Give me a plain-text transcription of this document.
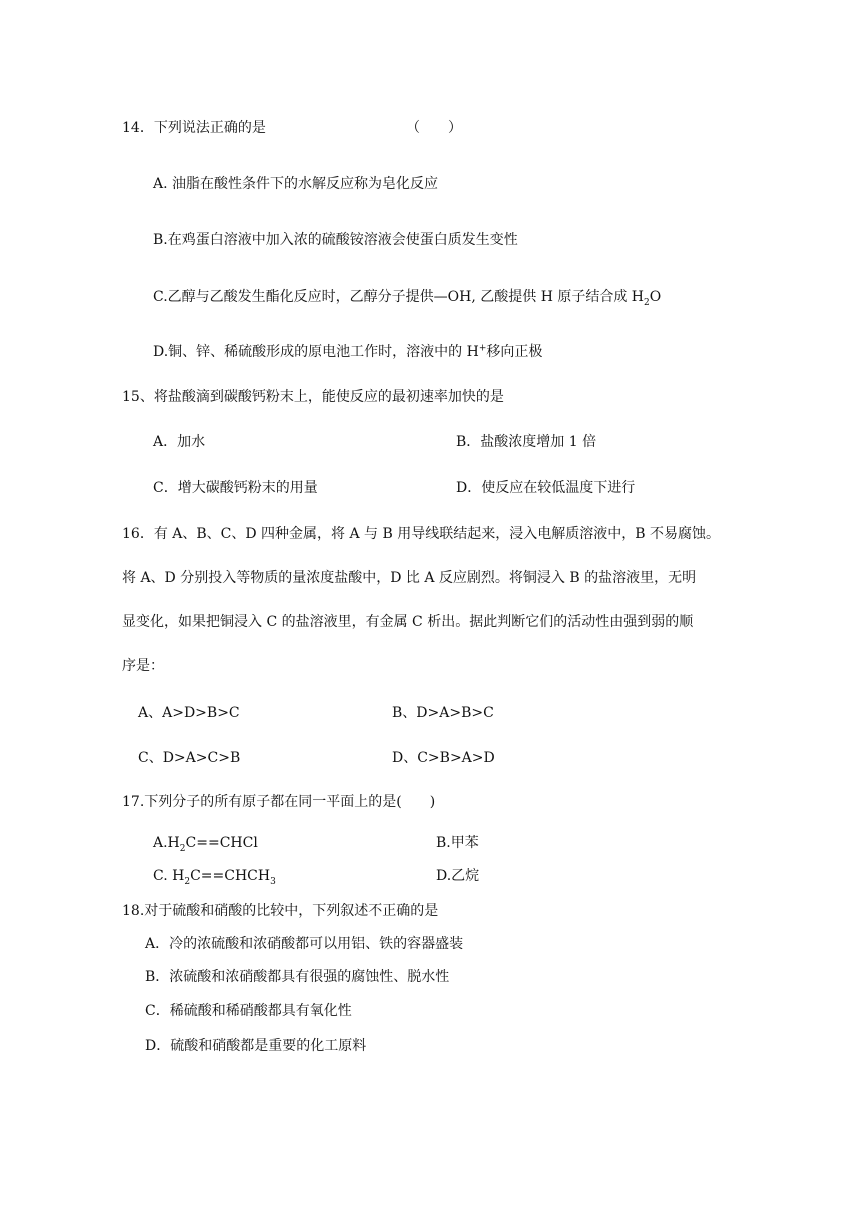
14．下列说法正确的是	（　　）
A. 油脂在酸性条件下的水解反应称为皂化反应
B.在鸡蛋白溶液中加入浓的硫酸铵溶液会使蛋白质发生变性
C.乙醇与乙酸发生酯化反应时，乙醇分子提供—OH, 乙酸提供 H 原子结合成 $H_2O$
D.铜、锌、稀硫酸形成的原电池工作时，溶液中的 H+移向正极
15、将盐酸滴到碳酸钙粉末上，能使反应的最初速率加快的是
A．加水	B．盐酸浓度增加 1 倍
C．增大碳酸钙粉末的用量	D．使反应在较低温度下进行
16．有 A、B、C、D 四种金属，将 A 与 B 用导线联结起来，浸入电解质溶液中，B 不易腐蚀。
将 A、D 分别投入等物质的量浓度盐酸中，D 比 A 反应剧烈。将铜浸入 B 的盐溶液里，无明
显变化，如果把铜浸入 C 的盐溶液里，有金属 C 析出。据此判断它们的活动性由强到弱的顺
序是：
A、A>D>B>C	B、D>A>B>C
C、D>A>C>B	D、C>B>A>D
17.下列分子的所有原子都在同一平面上的是(　　)
$A.H_2C==CHCl$	B.甲苯
C. $H_2C==CHCH_3$	D.乙烷
18.对于硫酸和硝酸的比较中，下列叙述不正确的是
A．冷的浓硫酸和浓硝酸都可以用铝、铁的容器盛装
B．浓硫酸和浓硝酸都具有很强的腐蚀性、脱水性
C．稀硫酸和稀硝酸都具有氧化性
D．硫酸和硝酸都是重要的化工原料
